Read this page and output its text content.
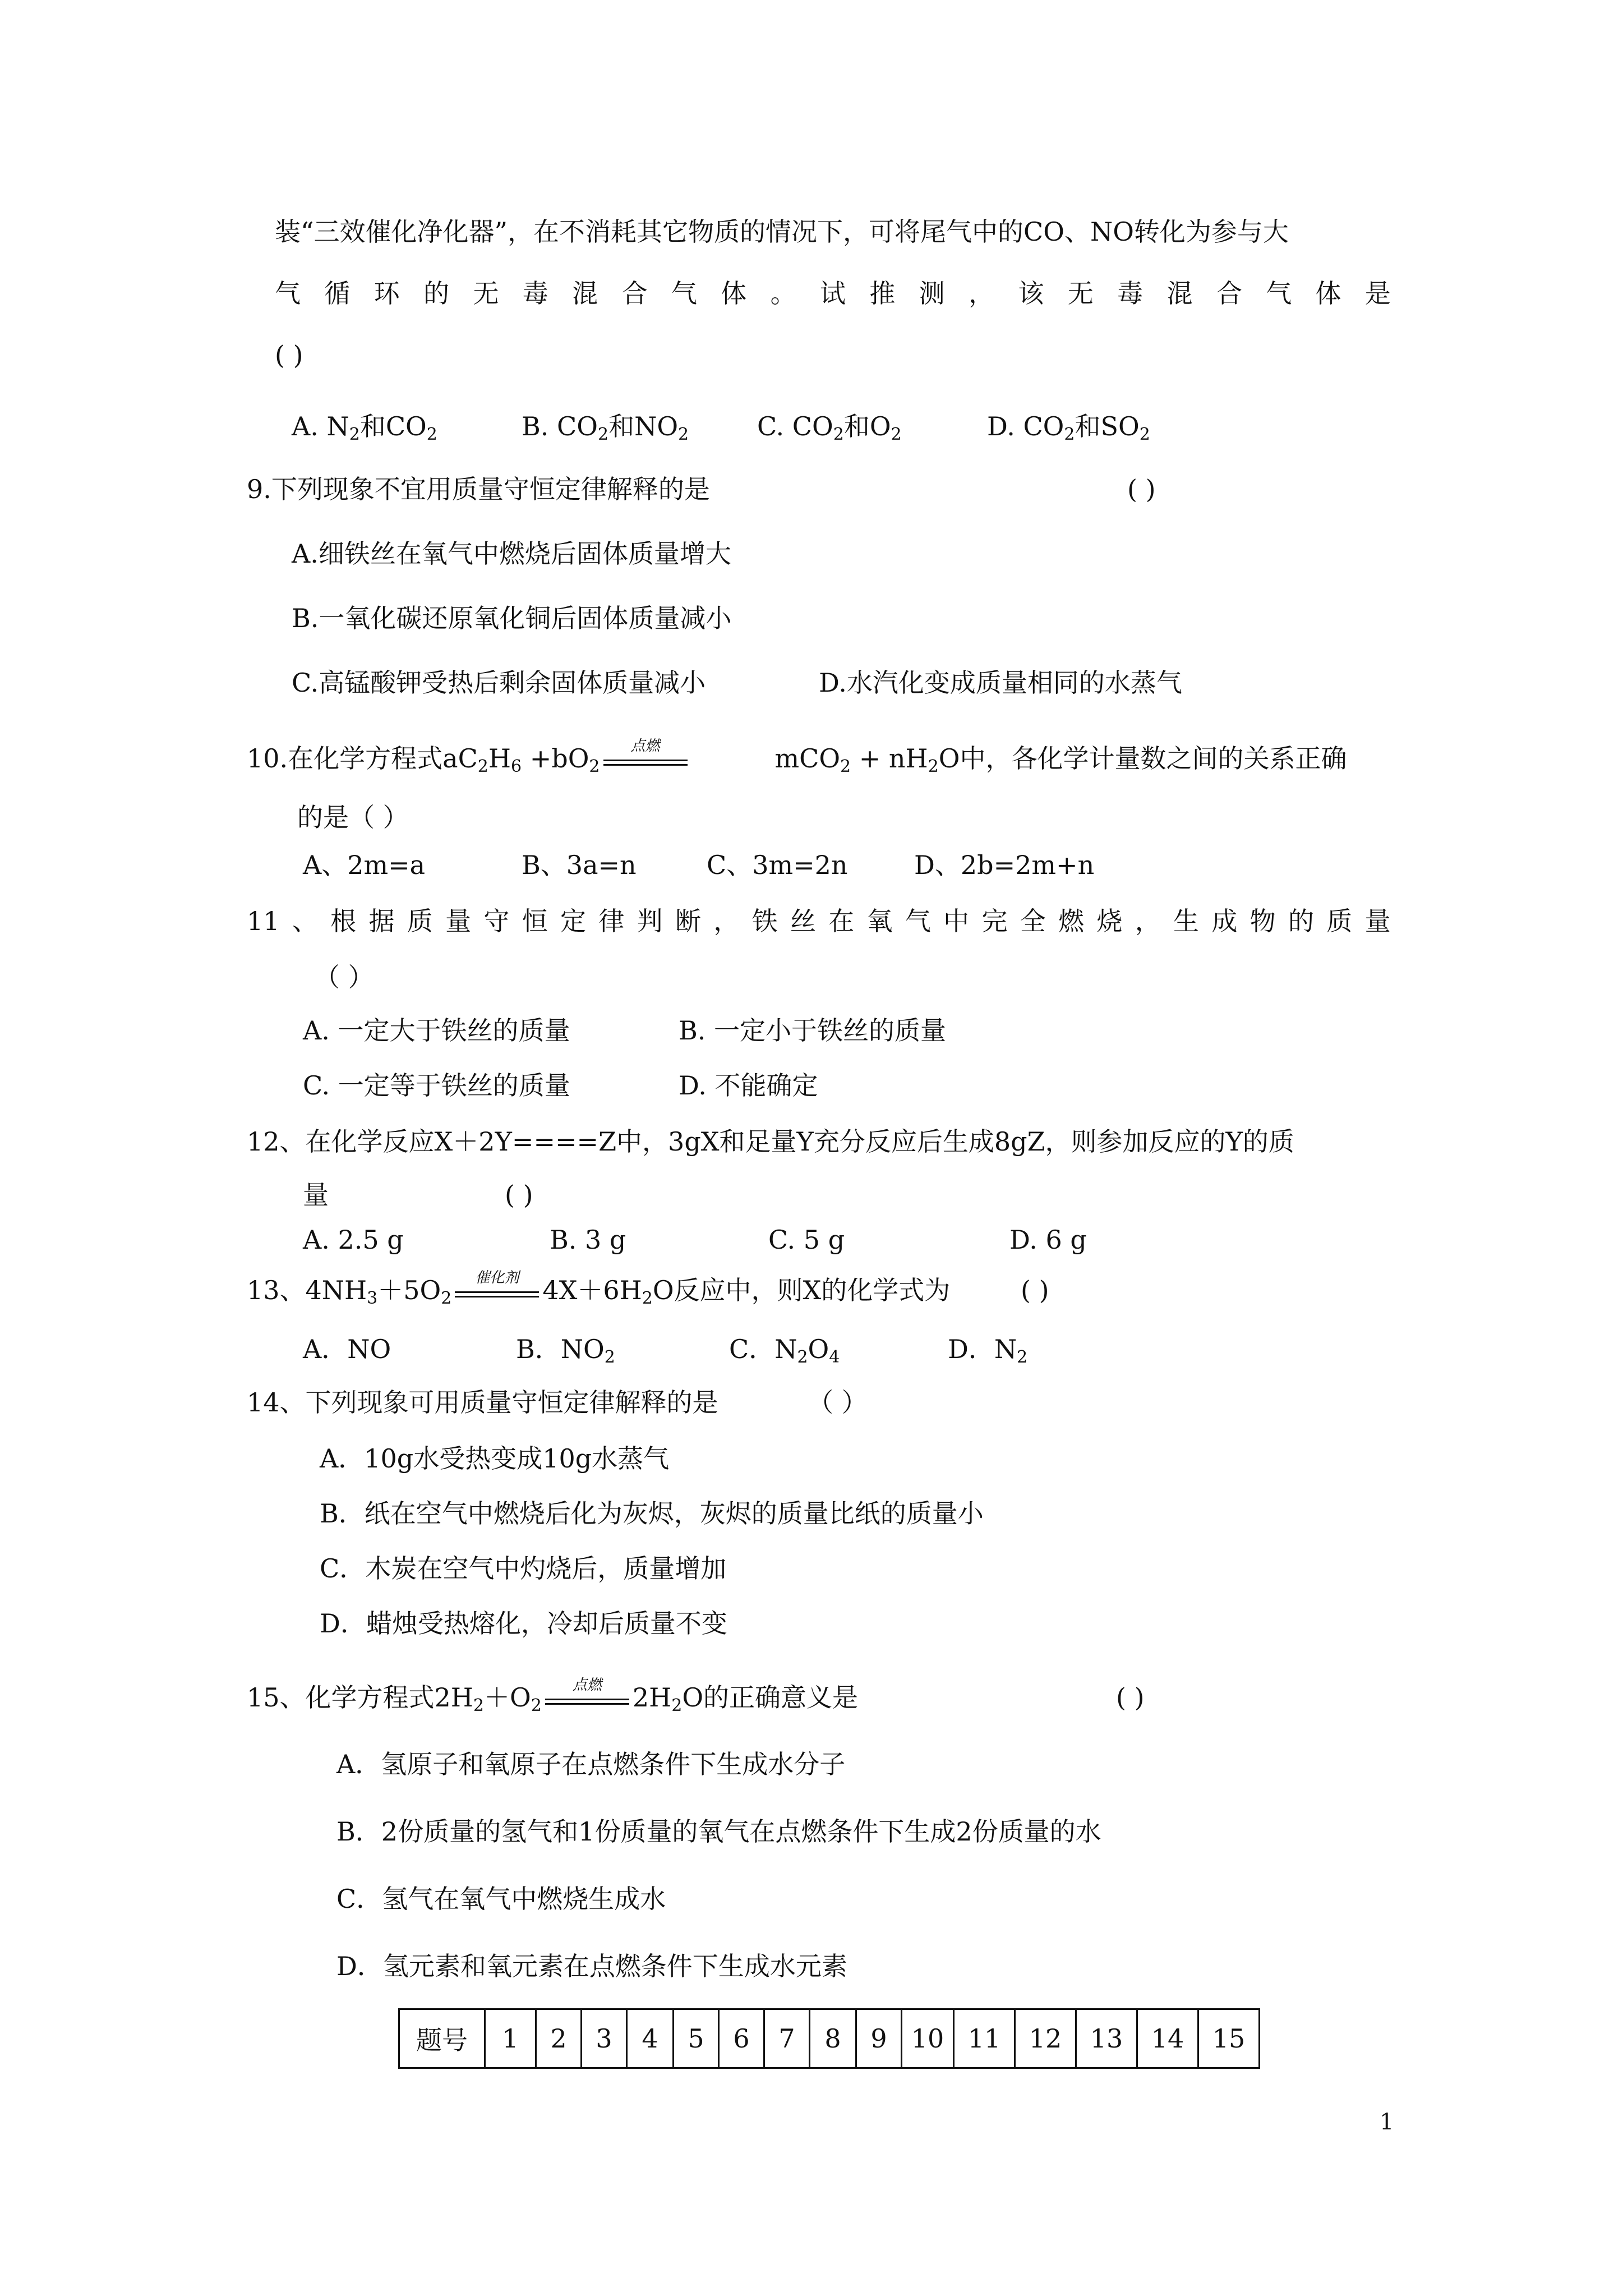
装“三效催化净化器”，在不消耗其它物质的情况下，可将尾气中的CO、NO转化为参与大
气 循 环 的 无 毒 混 合 气 体 。 试 推 测 ， 该 无 毒 混 合 气 体 是
( )
A. $N_2$和$CO_2$	B. $CO_2$和$NO_2$	C. $CO_2$和$O_2$	D. $CO_2$和$SO_2$
9.下列现象不宜用质量守恒定律解释的是	( )
A.细铁丝在氧气中燃烧后固体质量增大
B.一氧化碳还原氧化铜后固体质量减小
C.高锰酸钾受热后剩余固体质量减小	D.水汽化变成质量相同的水蒸气
10.在化学方程式$aC_2H_6 +bO_2$
点燃	$mCO_2 + nH_2O$中，各化学计量数之间的关系正确
的是（ ）
A、2m=a	B、3a=n	C、3m=2n	D、2b=2m+n
11 、 根 据 质 量 守 恒 定 律 判 断 ， 铁 丝 在 氧 气 中 完 全 燃 烧 ， 生 成 物 的 质 量
（ ）
A. 一定大于铁丝的质量	B. 一定小于铁丝的质量
C. 一定等于铁丝的质量	D. 不能确定
12、在化学反应X＋2Y====Z中，3gX和足量Y充分反应后生成8gZ，则参加反应的Y的质
量	( )
A. 2.5 g	B. 3 g	C. 5 g	D. 6 g
13、$4NH_3+5O_2$
催化剂 $4X+6H_2O$反应中，则X的化学式为	( )
A．NO	B．$NO_2$	C．$N_2O_4$	D．$N_2$
14、下列现象可用质量守恒定律解释的是	（ ）
A．10g水受热变成10g水蒸气
B．纸在空气中燃烧后化为灰烬，灰烬的质量比纸的质量小
C．木炭在空气中灼烧后，质量增加
D．蜡烛受热熔化，冷却后质量不变
15、化学方程式$2H_2+O_2$
点燃	$2H_2O$的正确意义是	( )
A．氢原子和氧原子在点燃条件下生成水分子
B．2份质量的氢气和1份质量的氧气在点燃条件下生成2份质量的水
C．氢气在氧气中燃烧生成水
D．氢元素和氧元素在点燃条件下生成水元素
题号	1	2	3	4	5	6	7	8	9	10	11	12	13	14	15
1
